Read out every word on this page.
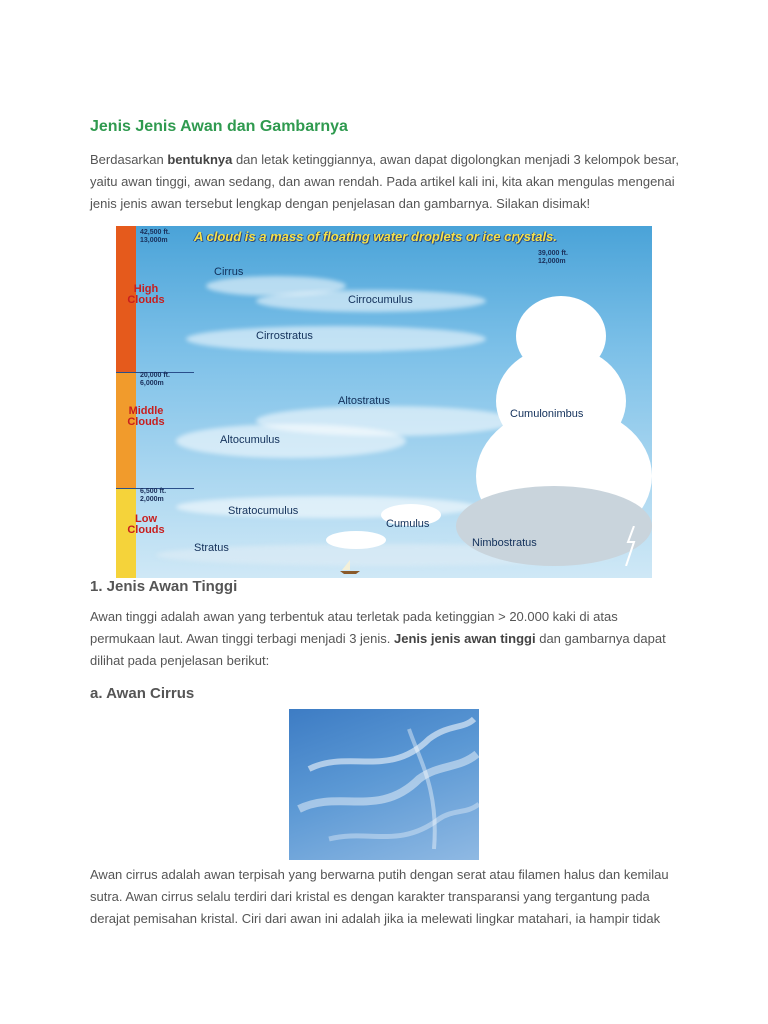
Jenis Jenis Awan dan Gambarnya

Berdasarkan bentuknya dan letak ketinggiannya, awan dapat digolongkan menjadi 3 kelompok besar, yaitu awan tinggi, awan sedang, dan awan rendah. Pada artikel kali ini, kita akan mengulas mengenai jenis jenis awan tersebut lengkap dengan penjelasan dan gambarnya. Silakan disimak!

A cloud is a mass of floating water droplets or ice crystals.
42,500 ft.
13,000m
39,000 ft.
12,000m
20,000 ft.
6,000m
6,500 ft.
2,000m
High
Clouds
Middle
Clouds
Low
Clouds
Cirrus
Cirrocumulus
Cirrostratus
Altostratus
Cumulonimbus
Altocumulus
Stratocumulus
Cumulus
Stratus	Nimbostratus
1. Jenis Awan Tinggi

Awan tinggi adalah awan yang terbentuk atau terletak pada ketinggian > 20.000 kaki di atas permukaan laut. Awan tinggi terbagi menjadi 3 jenis. Jenis jenis awan tinggi dan gambarnya dapat dilihat pada penjelasan berikut:

a. Awan Cirrus

Awan cirrus adalah awan terpisah yang berwarna putih dengan serat atau filamen halus dan kemilau sutra. Awan cirrus selalu terdiri dari kristal es dengan karakter transparansi yang tergantung pada derajat pemisahan kristal. Ciri dari awan ini adalah jika ia melewati lingkar matahari, ia hampir tidak
